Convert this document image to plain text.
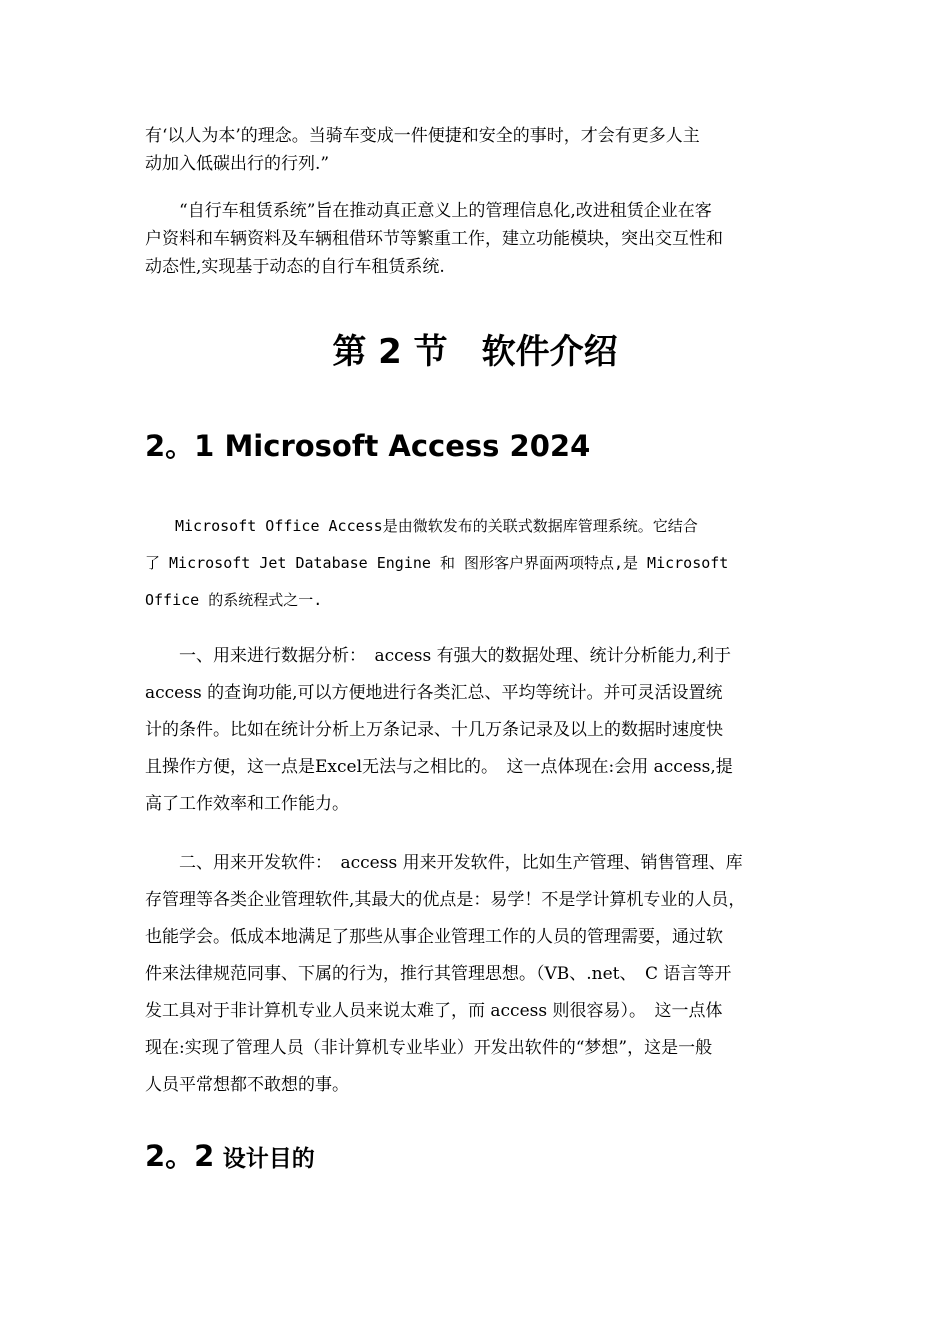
有‘以人为本’的理念。当骑车变成一件便捷和安全的事时，才会有更多人主
动加入低碳出行的行列.”

　　“自行车租赁系统”旨在推动真正意义上的管理信息化,改进租赁企业在客
户资料和车辆资料及车辆租借环节等繁重工作，建立功能模块，突出交互性和
动态性,实现基于动态的自行车租赁系统.

第 2 节　软件介绍
2。1 Microsoft Access 2024

　　Microsoft Office Access是由微软发布的关联式数据库管理系统。它结合
了 Microsoft Jet Database Engine 和 图形客户界面两项特点,是 Microsoft
Office 的系统程式之一.

　　一、用来进行数据分析：　access 有强大的数据处理、统计分析能力,利于
access 的查询功能,可以方便地进行各类汇总、平均等统计。并可灵活设置统
计的条件。比如在统计分析上万条记录、十几万条记录及以上的数据时速度快
且操作方便，这一点是Excel无法与之相比的。　这一点体现在:会用 access,提
高了工作效率和工作能力。

　　二、用来开发软件：　access 用来开发软件，比如生产管理、销售管理、库
存管理等各类企业管理软件,其最大的优点是：易学！不是学计算机专业的人员，
也能学会。低成本地满足了那些从事企业管理工作的人员的管理需要，通过软
件来法律规范同事、下属的行为，推行其管理思想。（VB、.net、　C 语言等开
发工具对于非计算机专业人员来说太难了，而 access 则很容易）。　这一点体
现在:实现了管理人员（非计算机专业毕业）开发出软件的“梦想”，这是一般
人员平常想都不敢想的事。

2。2 设计目的
